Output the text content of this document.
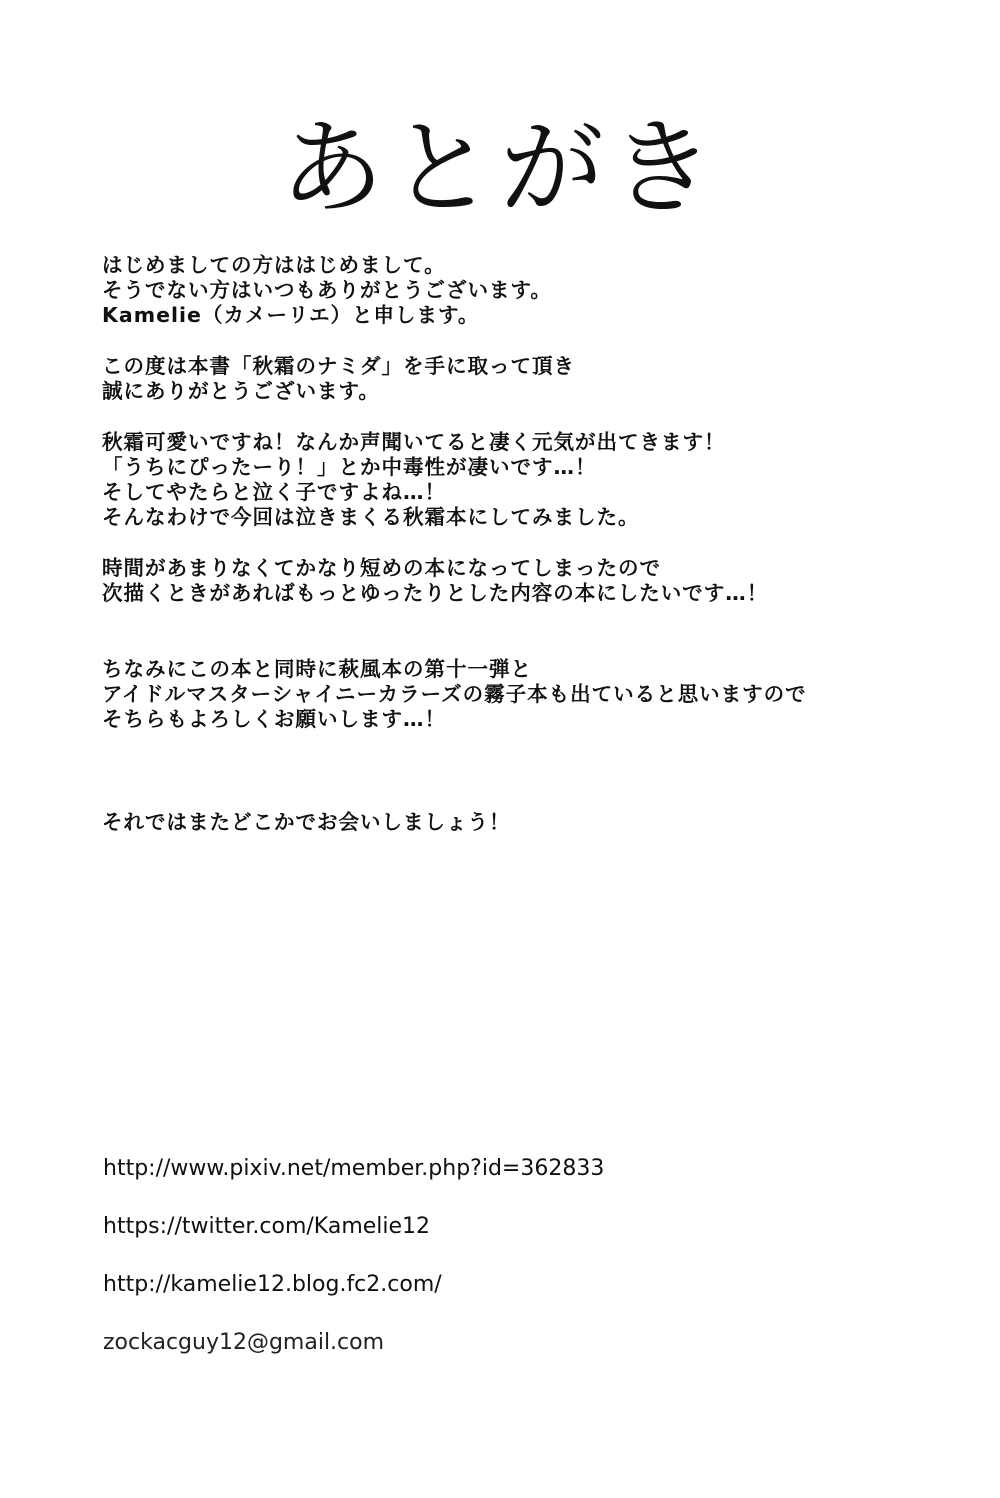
あとがき

はじめましての方ははじめまして。
そうでない方はいつもありがとうございます。
Kamelie（カメーリエ）と申します。

この度は本書「秋霜のナミダ」を手に取って頂き
誠にありがとうございます。

秋霜可愛いですね！なんか声聞いてると凄く元気が出てきます！
「うちにぴったーり！」とか中毒性が凄いです…！
そしてやたらと泣く子ですよね…！
そんなわけで今回は泣きまくる秋霜本にしてみました。

時間があまりなくてかなり短めの本になってしまったので
次描くときがあればもっとゆったりとした内容の本にしたいです…！

ちなみにこの本と同時に萩風本の第十一弾と
アイドルマスターシャイニーカラーズの霧子本も出ていると思いますので
そちらもよろしくお願いします…！

それではまたどこかでお会いしましょう！

http://www.pixiv.net/member.php?id=362833
https://twitter.com/Kamelie12
http://kamelie12.blog.fc2.com/
zockacguy12@gmail.com
